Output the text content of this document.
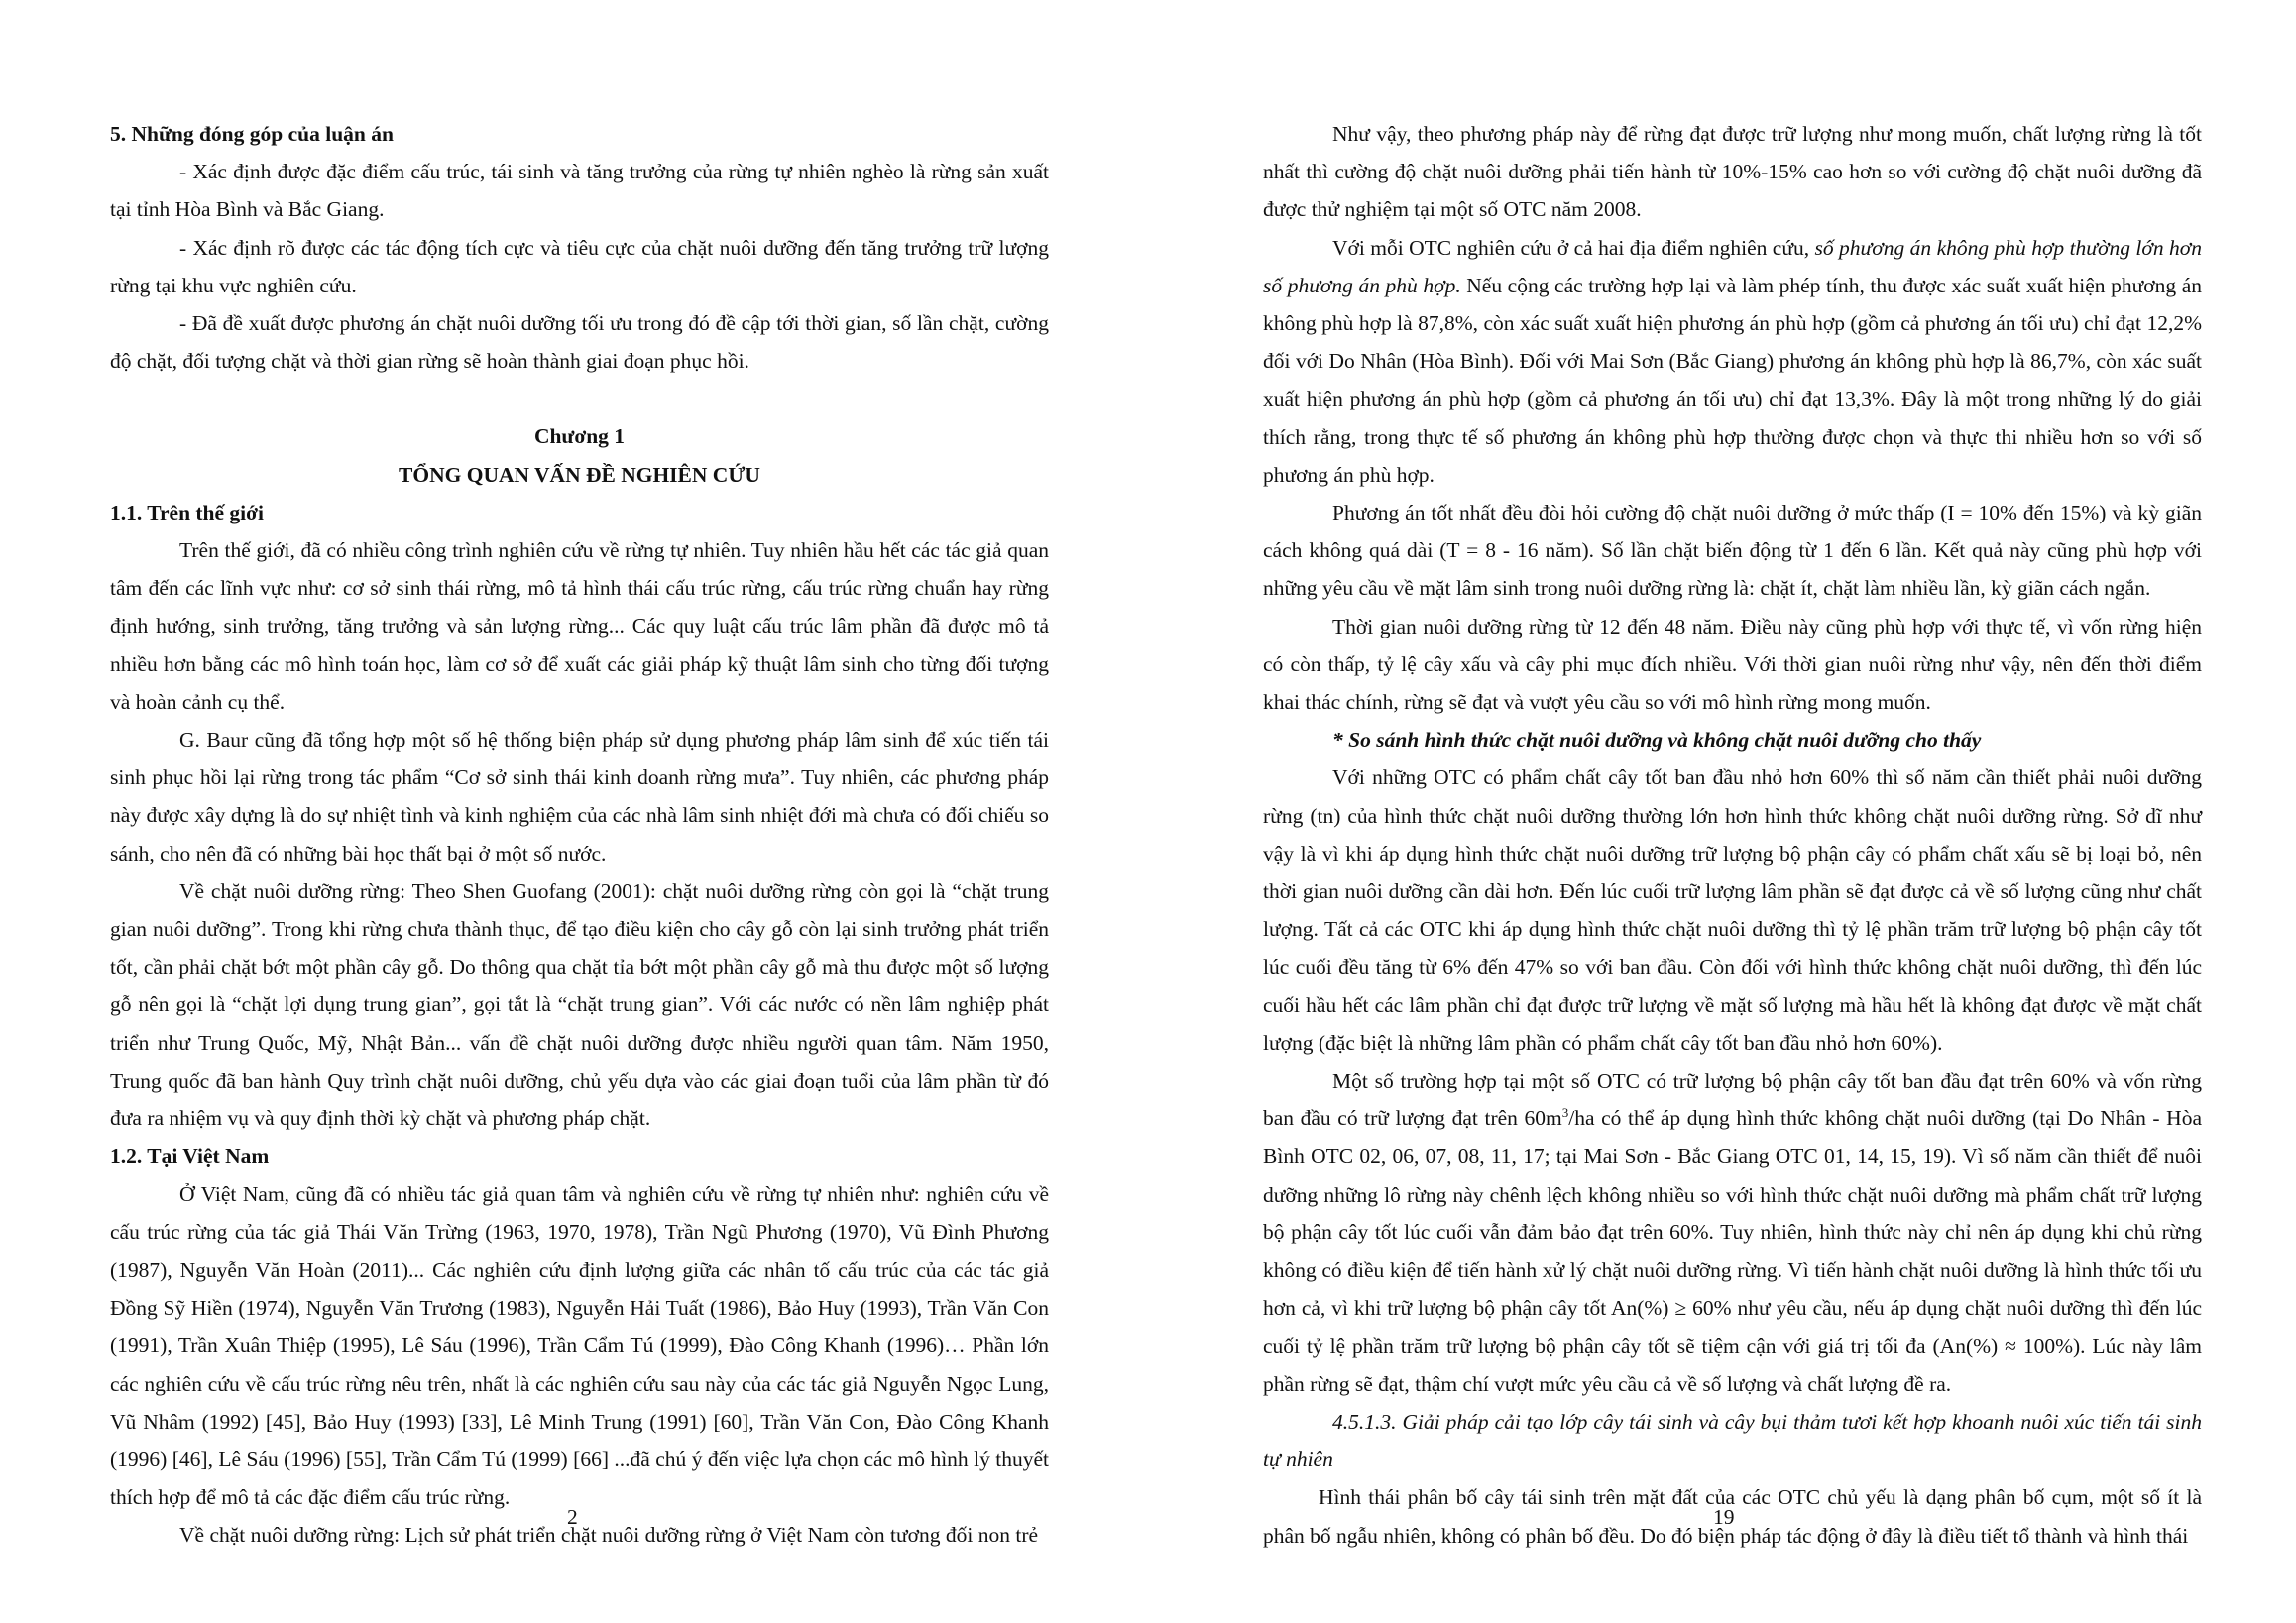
5. Những đóng góp của luận án

- Xác định được đặc điểm cấu trúc, tái sinh và tăng trưởng của rừng tự nhiên nghèo là rừng sản xuất tại tỉnh Hòa Bình và Bắc Giang.

- Xác định rõ được các tác động tích cực và tiêu cực của chặt nuôi dưỡng đến tăng trưởng trữ lượng rừng tại khu vực nghiên cứu.

- Đã đề xuất được phương án chặt nuôi dưỡng tối ưu trong đó đề cập tới thời gian, số lần chặt, cường độ chặt, đối tượng chặt và thời gian rừng sẽ hoàn thành giai đoạn phục hồi.

Chương 1

TỔNG QUAN VẤN ĐỀ NGHIÊN CỨU

1.1. Trên thế giới

Trên thế giới, đã có nhiều công trình nghiên cứu về rừng tự nhiên. Tuy nhiên hầu hết các tác giả quan tâm đến các lĩnh vực như: cơ sở sinh thái rừng, mô tả hình thái cấu trúc rừng, cấu trúc rừng chuẩn hay rừng định hướng, sinh trưởng, tăng trưởng và sản lượng rừng... Các quy luật cấu trúc lâm phần đã được mô tả nhiều hơn bằng các mô hình toán học, làm cơ sở để xuất các giải pháp kỹ thuật lâm sinh cho từng đối tượng và hoàn cảnh cụ thể.

G. Baur cũng đã tổng hợp một số hệ thống biện pháp sử dụng phương pháp lâm sinh để xúc tiến tái sinh phục hồi lại rừng trong tác phẩm “Cơ sở sinh thái kinh doanh rừng mưa”. Tuy nhiên, các phương pháp này được xây dựng là do sự nhiệt tình và kinh nghiệm của các nhà lâm sinh nhiệt đới mà chưa có đối chiếu so sánh, cho nên đã có những bài học thất bại ở một số nước.

Về chặt nuôi dưỡng rừng: Theo Shen Guofang (2001): chặt nuôi dưỡng rừng còn gọi là “chặt trung gian nuôi dưỡng”. Trong khi rừng chưa thành thục, để tạo điều kiện cho cây gỗ còn lại sinh trưởng phát triển tốt, cần phải chặt bớt một phần cây gỗ. Do thông qua chặt tỉa bớt một phần cây gỗ mà thu được một số lượng gỗ nên gọi là “chặt lợi dụng trung gian”, gọi tắt là “chặt trung gian”. Với các nước có nền lâm nghiệp phát triển như Trung Quốc, Mỹ, Nhật Bản... vấn đề chặt nuôi dưỡng được nhiều người quan tâm. Năm 1950, Trung quốc đã ban hành Quy trình chặt nuôi dưỡng, chủ yếu dựa vào các giai đoạn tuổi của lâm phần từ đó đưa ra nhiệm vụ và quy định thời kỳ chặt và phương pháp chặt.

1.2. Tại Việt Nam

Ở Việt Nam, cũng đã có nhiều tác giả quan tâm và nghiên cứu về rừng tự nhiên như: nghiên cứu về cấu trúc rừng của tác giả Thái Văn Trừng (1963, 1970, 1978), Trần Ngũ Phương (1970), Vũ Đình Phương (1987), Nguyễn Văn Hoàn (2011)... Các nghiên cứu định lượng giữa các nhân tố cấu trúc của các tác giả Đồng Sỹ Hiền (1974), Nguyễn Văn Trương (1983), Nguyễn Hải Tuất (1986), Bảo Huy (1993), Trần Văn Con (1991), Trần Xuân Thiệp (1995), Lê Sáu (1996), Trần Cẩm Tú (1999), Đào Công Khanh (1996)… Phần lớn các nghiên cứu về cấu trúc rừng nêu trên, nhất là các nghiên cứu sau này của các tác giả Nguyễn Ngọc Lung, Vũ Nhâm (1992) [45], Bảo Huy (1993) [33], Lê Minh Trung (1991) [60], Trần Văn Con, Đào Công Khanh (1996) [46], Lê Sáu (1996) [55], Trần Cẩm Tú (1999) [66] ...đã chú ý đến việc lựa chọn các mô hình lý thuyết thích hợp để mô tả các đặc điểm cấu trúc rừng.

Về chặt nuôi dưỡng rừng: Lịch sử phát triển chặt nuôi dưỡng rừng ở Việt Nam còn tương đối non trẻ

2

Như vậy, theo phương pháp này để rừng đạt được trữ lượng như mong muốn, chất lượng rừng là tốt nhất thì cường độ chặt nuôi dưỡng phải tiến hành từ 10%-15% cao hơn so với cường độ chặt nuôi dưỡng đã được thử nghiệm tại một số OTC năm 2008.

Với mỗi OTC nghiên cứu ở cả hai địa điểm nghiên cứu, số phương án không phù hợp thường lớn hơn số phương án phù hợp. Nếu cộng các trường hợp lại và làm phép tính, thu được xác suất xuất hiện phương án không phù hợp là 87,8%, còn xác suất xuất hiện phương án phù hợp (gồm cả phương án tối ưu) chỉ đạt 12,2% đối với Do Nhân (Hòa Bình). Đối với Mai Sơn (Bắc Giang) phương án không phù hợp là 86,7%, còn xác suất xuất hiện phương án phù hợp (gồm cả phương án tối ưu) chỉ đạt 13,3%. Đây là một trong những lý do giải thích rằng, trong thực tế số phương án không phù hợp thường được chọn và thực thi nhiều hơn so với số phương án phù hợp.

Phương án tốt nhất đều đòi hỏi cường độ chặt nuôi dưỡng ở mức thấp (I = 10% đến 15%) và kỳ giãn cách không quá dài (T = 8 - 16 năm). Số lần chặt biến động từ 1 đến 6 lần. Kết quả này cũng phù hợp với những yêu cầu về mặt lâm sinh trong nuôi dưỡng rừng là: chặt ít, chặt làm nhiều lần, kỳ giãn cách ngắn.

Thời gian nuôi dưỡng rừng từ 12 đến 48 năm. Điều này cũng phù hợp với thực tế, vì vốn rừng hiện có còn thấp, tỷ lệ cây xấu và cây phi mục đích nhiều. Với thời gian nuôi rừng như vậy, nên đến thời điểm khai thác chính, rừng sẽ đạt và vượt yêu cầu so với mô hình rừng mong muốn.

* So sánh hình thức chặt nuôi dưỡng và không chặt nuôi dưỡng cho thấy

Với những OTC có phẩm chất cây tốt ban đầu nhỏ hơn 60% thì số năm cần thiết phải nuôi dưỡng rừng (tn) của hình thức chặt nuôi dưỡng thường lớn hơn hình thức không chặt nuôi dưỡng rừng. Sở dĩ như vậy là vì khi áp dụng hình thức chặt nuôi dưỡng trữ lượng bộ phận cây có phẩm chất xấu sẽ bị loại bỏ, nên thời gian nuôi dưỡng cần dài hơn. Đến lúc cuối trữ lượng lâm phần sẽ đạt được cả về số lượng cũng như chất lượng. Tất cả các OTC khi áp dụng hình thức chặt nuôi dưỡng thì tỷ lệ phần trăm trữ lượng bộ phận cây tốt lúc cuối đều tăng từ 6% đến 47% so với ban đầu. Còn đối với hình thức không chặt nuôi dưỡng, thì đến lúc cuối hầu hết các lâm phần chỉ đạt được trữ lượng về mặt số lượng mà hầu hết là không đạt được về mặt chất lượng (đặc biệt là những lâm phần có phẩm chất cây tốt ban đầu nhỏ hơn 60%).

Một số trường hợp tại một số OTC có trữ lượng bộ phận cây tốt ban đầu đạt trên 60% và vốn rừng ban đầu có trữ lượng đạt trên $60m^3/ha$ có thể áp dụng hình thức không chặt nuôi dưỡng (tại Do Nhân - Hòa Bình OTC 02, 06, 07, 08, 11, 17; tại Mai Sơn - Bắc Giang OTC 01, 14, 15, 19). Vì số năm cần thiết để nuôi dưỡng những lô rừng này chênh lệch không nhiều so với hình thức chặt nuôi dưỡng mà phẩm chất trữ lượng bộ phận cây tốt lúc cuối vẫn đảm bảo đạt trên 60%. Tuy nhiên, hình thức này chỉ nên áp dụng khi chủ rừng không có điều kiện để tiến hành xử lý chặt nuôi dưỡng rừng. Vì tiến hành chặt nuôi dưỡng là hình thức tối ưu hơn cả, vì khi trữ lượng bộ phận cây tốt An(%) ≥ 60% như yêu cầu, nếu áp dụng chặt nuôi dưỡng thì đến lúc cuối tỷ lệ phần trăm trữ lượng bộ phận cây tốt sẽ tiệm cận với giá trị tối đa (An(%) ≈ 100%). Lúc này lâm phần rừng sẽ đạt, thậm chí vượt mức yêu cầu cả về số lượng và chất lượng đề ra.

4.5.1.3. Giải pháp cải tạo lớp cây tái sinh và cây bụi thảm tươi kết hợp khoanh nuôi xúc tiến tái sinh tự nhiên

Hình thái phân bố cây tái sinh trên mặt đất của các OTC chủ yếu là dạng phân bố cụm, một số ít là phân bố ngẫu nhiên, không có phân bố đều. Do đó biện pháp tác động ở đây là điều tiết tổ thành và hình thái

19
